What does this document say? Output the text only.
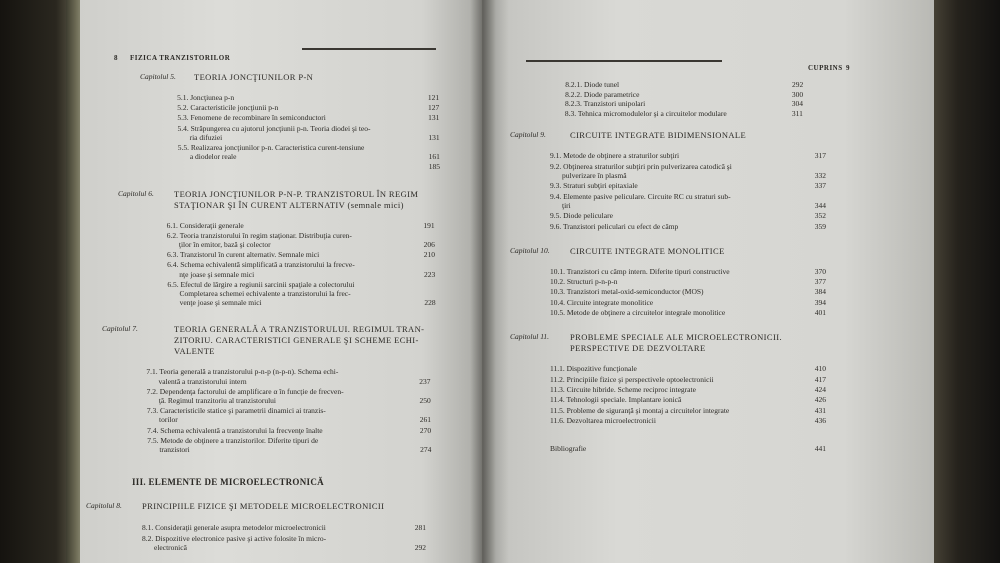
8 FIZICA TRANZISTORILOR
Capitolul 5. TEORIA JONCŢIUNILOR P-N
5.1. Joncţiunea p-n	121
5.2. Caracteristicile joncţiunii p-n	127
5.3. Fenomene de recombinare în semiconductori	131
5.4. Străpungerea cu ajutorul joncţiunii p-n. Teoria diodei şi teo-
ria difuziei	131
5.5. Realizarea joncţiunilor p-n. Caracteristica curent-tensiune
a diodelor reale	161
185
Capitolul 6. TEORIA JONCŢIUNILOR P-N-P. TRANZISTORUL ÎN REGIM
STAŢIONAR ŞI ÎN CURENT ALTERNATIV (semnale mici)
6.1. Consideraţii generale	191
6.2. Teoria tranzistorului în regim staţionar. Distribuţia curen-
ţilor în emitor, bază şi colector	206
6.3. Tranzistorul în curent alternativ. Semnale mici	210
6.4. Schema echivalentă simplificată a tranzistorului la frecve-
nţe joase şi semnale mici	223
6.5. Efectul de lărgire a regiunii sarcinii spaţiale a colectorului
Completarea schemei echivalente a tranzistorului la frec-
venţe joase şi semnale mici	228
Capitolul 7.	TEORIA GENERALĂ A TRANZISTORULUI. REGIMUL TRAN-
ZITORIU. CARACTERISTICI GENERALE ŞI SCHEME ECHI-
VALENTE
7.1. Teoria generală a tranzistorului p-n-p (n-p-n). Schema echi-
valentă a tranzistorului intern	237
7.2. Dependenţa factorului de amplificare α în funcţie de frecven-
ţă. Regimul tranzitoriu al tranzistorului	250
7.3. Caracteristicile statice şi parametrii dinamici ai tranzis-
torilor	261
7.4. Schema echivalentă a tranzistorului la frecvenţe înalte	270
7.5. Metode de obţinere a tranzistorilor. Diferite tipuri de
tranzistori	274
III. ELEMENTE DE MICROELECTRONICĂ
Capitolul 8. PRINCIPIILE FIZICE ŞI METODELE MICROELECTRONICII
8.1. Consideraţii generale asupra metodelor microelectronicii	281
8.2. Dispozitive electronice pasive şi active folosite în micro-
electronică	292
CUPRINS 9
8.2.1. Diode tunel	292
8.2.2. Diode parametrice	300
8.2.3. Tranzistori unipolari	304
8.3. Tehnica micromodulelor şi a circuitelor modulare	311
Capitolul 9.	CIRCUITE INTEGRATE BIDIMENSIONALE
9.1. Metode de obţinere a straturilor subţiri	317
9.2. Obţinerea straturilor subţiri prin pulverizarea catodică şi
pulverizare în plasmă	332
9.3. Straturi subţiri epitaxiale	337
9.4. Elemente pasive peliculare. Circuite RC cu straturi sub-
ţiri	344
9.5. Diode peliculare	352
9.6. Tranzistori peliculari cu efect de câmp	359
Capitolul 10. CIRCUITE INTEGRATE MONOLITICE
10.1. Tranzistori cu câmp intern. Diferite tipuri constructive	370
10.2. Structuri p-n-p-n	377
10.3. Tranzistori metal-oxid-semiconductor (MOS)	384
10.4. Circuite integrate monolitice	394
10.5. Metode de obţinere a circuitelor integrale monolitice	401
Capitolul 11. PROBLEME SPECIALE ALE MICROELECTRONICII.
PERSPECTIVE DE DEZVOLTARE
11.1. Dispozitive funcţionale	410
11.2. Principiile fizice şi perspectivele optoelectronicii	417
11.3. Circuite hibride. Scheme reciproc integrate	424
11.4. Tehnologii speciale. Implantare ionică	426
11.5. Probleme de siguranţă şi montaj a circuitelor integrate	431
11.6. Dezvoltarea microelectronicii	436
Bibliografie	441
